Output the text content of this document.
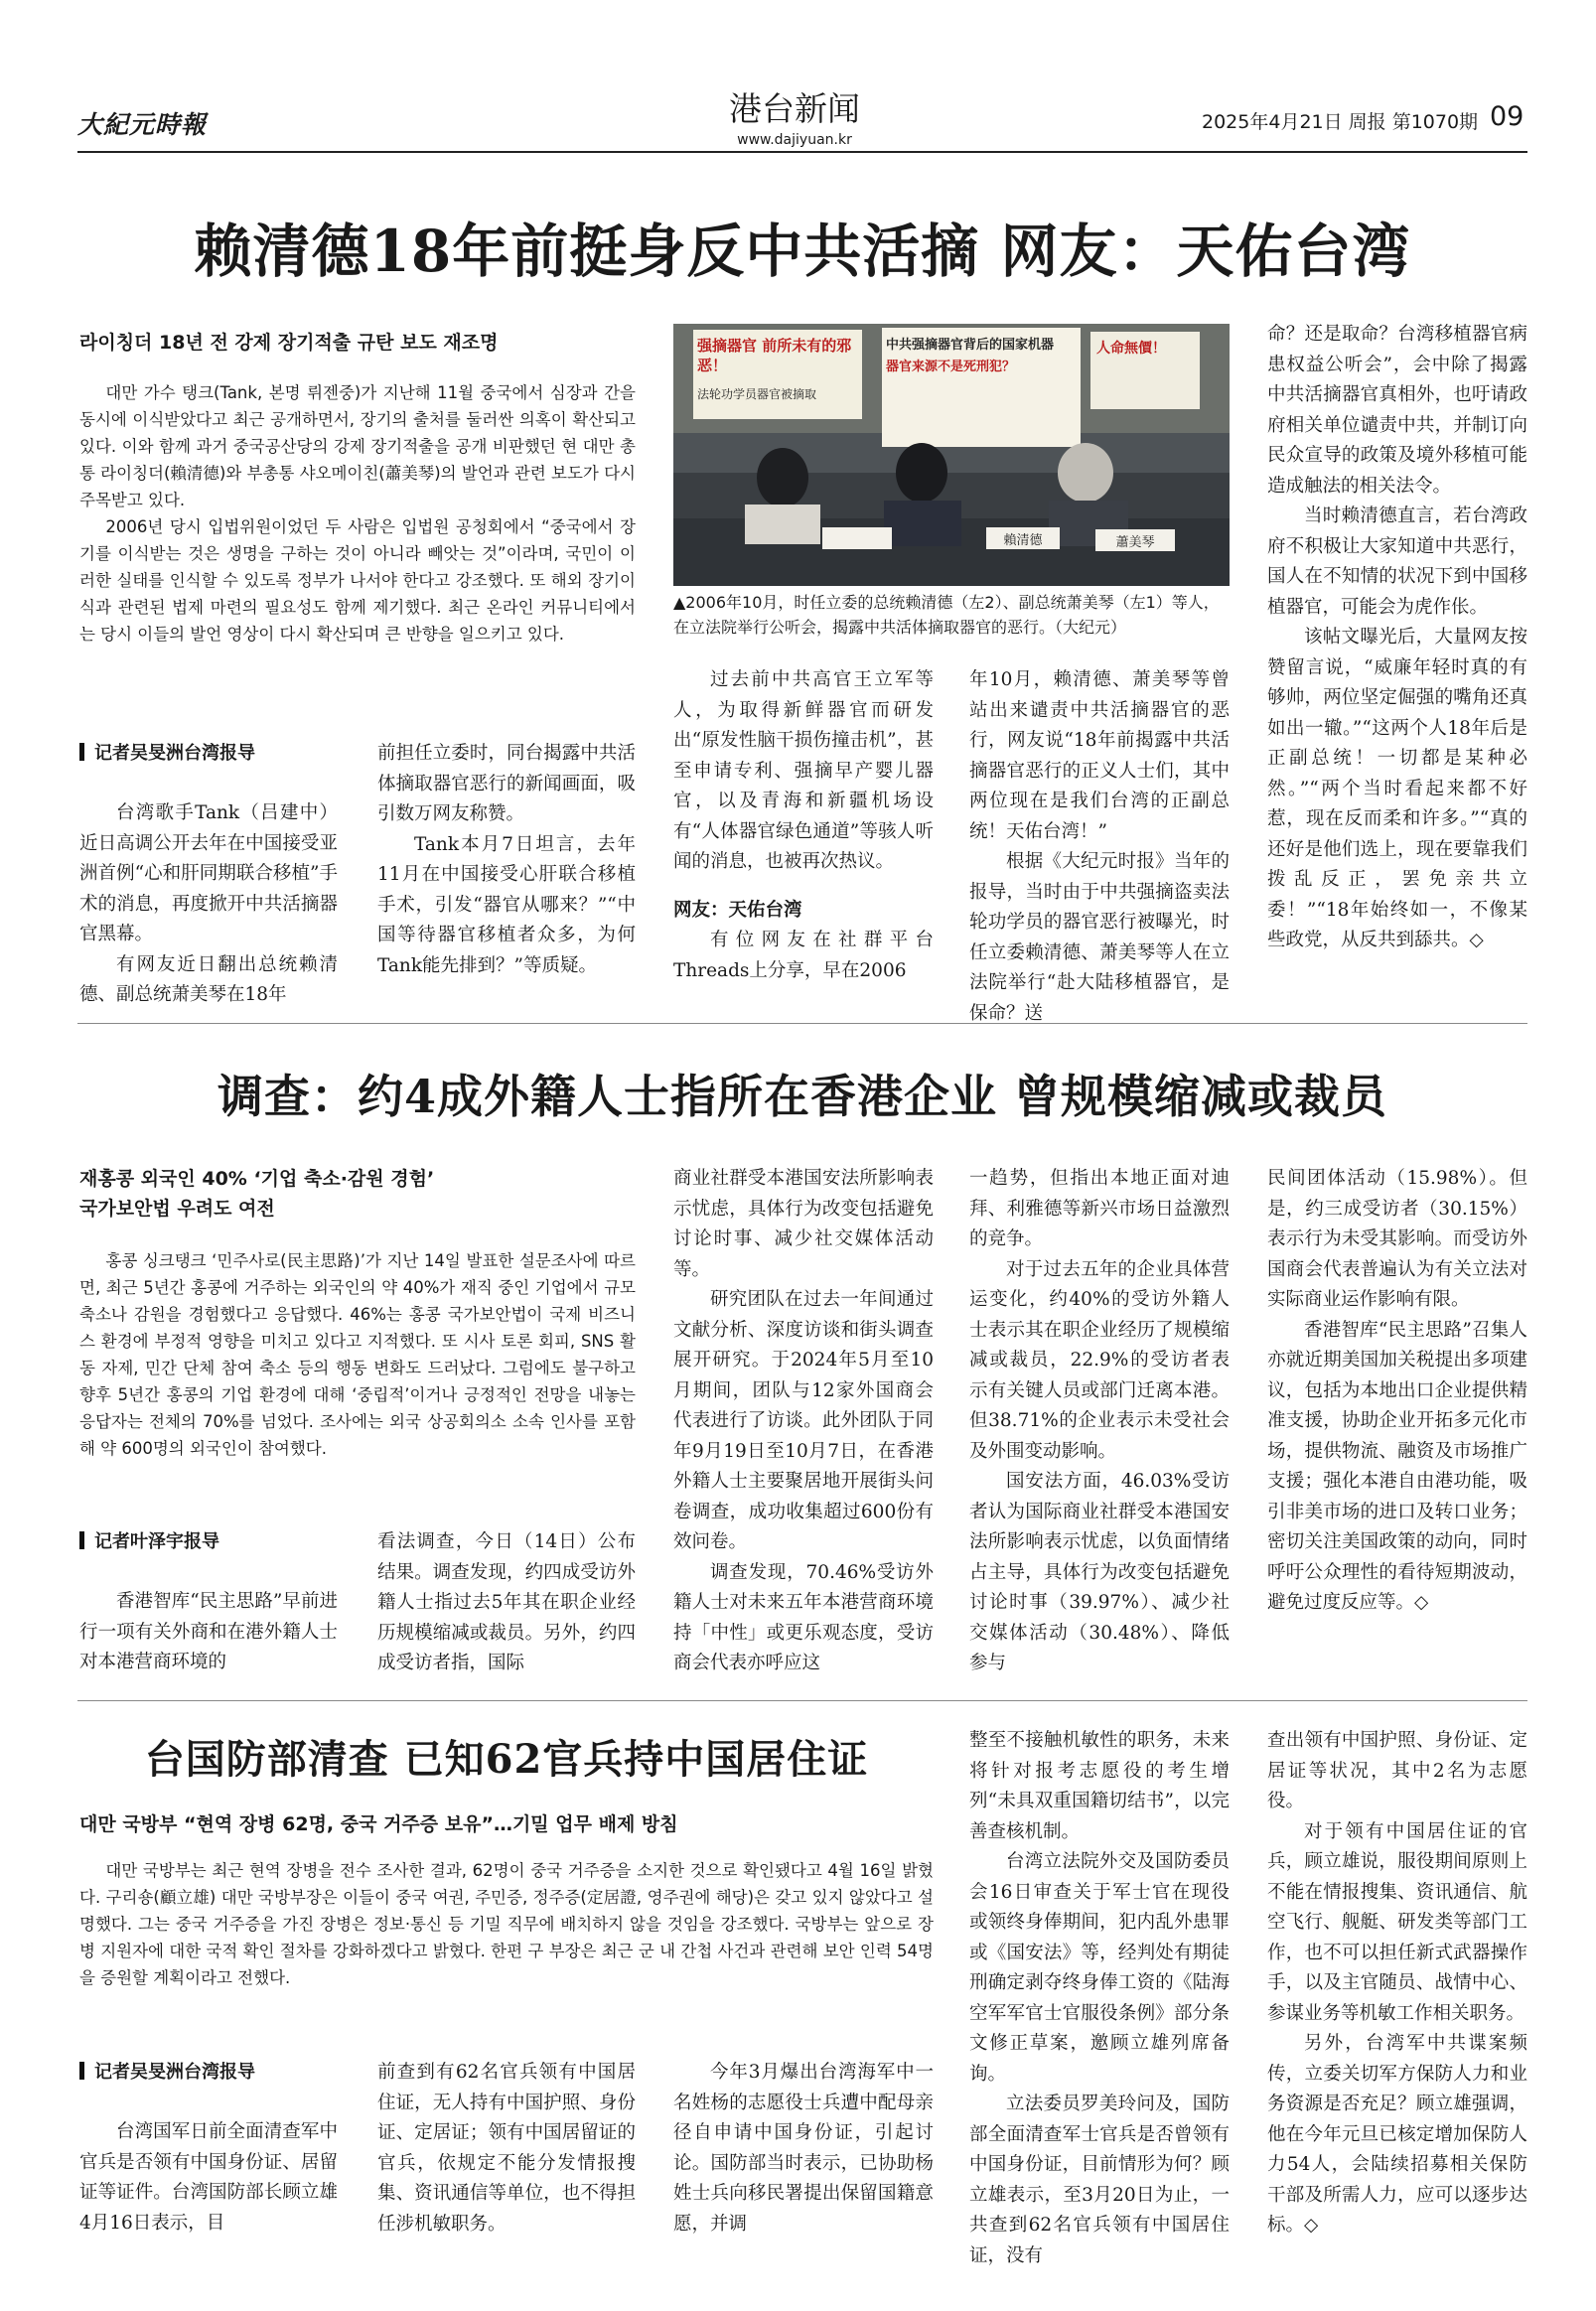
大紀元時報	港台新闻
www.dajiyuan.kr
2025年4月21日 周报 第1070期 09
赖清德18年前挺身反中共活摘 网友：天佑台湾
라이칭더 18년 전 강제 장기적출 규탄 보도 재조명

대만 가수 탱크(Tank, 본명 뤼젠중)가 지난해 11월 중국에서 심장과 간을 동시에 이식받았다고 최근 공개하면서, 장기의 출처를 둘러싼 의혹이 확산되고 있다. 이와 함께 과거 중국공산당의 강제 장기적출을 공개 비판했던 현 대만 총통 라이칭더(賴清德)와 부총통 샤오메이친(蕭美琴)의 발언과 관련 보도가 다시 주목받고 있다.

2006년 당시 입법위원이었던 두 사람은 입법원 공청회에서 “중국에서 장기를 이식받는 것은 생명을 구하는 것이 아니라 빼앗는 것”이라며, 국민이 이러한 실태를 인식할 수 있도록 정부가 나서야 한다고 강조했다. 또 해외 장기이식과 관련된 법제 마련의 필요성도 함께 제기했다. 최근 온라인 커뮤니티에서는 당시 이들의 발언 영상이 다시 확산되며 큰 반향을 일으키고 있다.

记者吴旻洲台湾报导

台湾歌手Tank（吕建中）近日高调公开去年在中国接受亚洲首例“心和肝同期联合移植”手术的消息，再度掀开中共活摘器官黑幕。

有网友近日翻出总统赖清德、副总统萧美琴在18年

前担任立委时，同台揭露中共活体摘取器官恶行的新闻画面，吸引数万网友称赞。

Tank本月7日坦言，去年11月在中国接受心肝联合移植手术，引发“器官从哪来？”“中国等待器官移植者众多，为何Tank能先排到？”等质疑。

强摘器官 前所未有的邪恶！
法轮功学员器官被摘取
中共强摘器官背后的国家机器
器官来源不是死刑犯？
人命無價！
賴清德	蕭美琴
▲2006年10月，时任立委的总统赖清德（左2）、副总统萧美琴（左1）等人，在立法院举行公听会，揭露中共活体摘取器官的恶行。（大纪元）

过去前中共高官王立军等人，为取得新鲜器官而研发出“原发性脑干损伤撞击机”，甚至申请专利、强摘早产婴儿器官，以及青海和新疆机场设有“人体器官绿色通道”等骇人听闻的消息，也被再次热议。

网友：天佑台湾

有位网友在社群平台Threads上分享，早在2006

年10月，赖清德、萧美琴等曾站出来谴责中共活摘器官的恶行，网友说“18年前揭露中共活摘器官恶行的正义人士们，其中两位现在是我们台湾的正副总统！天佑台湾！”

根据《大纪元时报》当年的报导，当时由于中共强摘盗卖法轮功学员的器官恶行被曝光，时任立委赖清德、萧美琴等人在立法院举行“赴大陆移植器官，是保命？送

命？还是取命？台湾移植器官病患权益公听会”，会中除了揭露中共活摘器官真相外，也吁请政府相关单位谴责中共，并制订向民众宣导的政策及境外移植可能造成触法的相关法令。

当时赖清德直言，若台湾政府不积极让大家知道中共恶行，国人在不知情的状况下到中国移植器官，可能会为虎作伥。

该帖文曝光后，大量网友按赞留言说，“威廉年轻时真的有够帅，两位坚定倔强的嘴角还真如出一辙。”“这两个人18年后是正副总统！一切都是某种必然。”“两个当时看起来都不好惹，现在反而柔和许多。”“真的还好是他们选上，现在要靠我们拨乱反正，罢免亲共立委！”“18年始终如一，不像某些政党，从反共到舔共。◇

调查：约4成外籍人士指所在香港企业 曾规模缩减或裁员
재홍콩 외국인 40% ‘기업 축소·감원 경험’
국가보안법 우려도 여전

홍콩 싱크탱크 ‘민주사로(民主思路)’가 지난 14일 발표한 설문조사에 따르면, 최근 5년간 홍콩에 거주하는 외국인의 약 40%가 재직 중인 기업에서 규모 축소나 감원을 경험했다고 응답했다. 46%는 홍콩 국가보안법이 국제 비즈니스 환경에 부정적 영향을 미치고 있다고 지적했다. 또 시사 토론 회피, SNS 활동 자제, 민간 단체 참여 축소 등의 행동 변화도 드러났다. 그럼에도 불구하고 향후 5년간 홍콩의 기업 환경에 대해 ‘중립적’이거나 긍정적인 전망을 내놓는 응답자는 전체의 70%를 넘었다. 조사에는 외국 상공회의소 소속 인사를 포함해 약 600명의 외국인이 참여했다.

记者叶泽宇报导

香港智库“民主思路”早前进行一项有关外商和在港外籍人士对本港营商环境的

看法调查，今日（14日）公布结果。调查发现，约四成受访外籍人士指过去5年其在职企业经历规模缩减或裁员。另外，约四成受访者指，国际

商业社群受本港国安法所影响表示忧虑，具体行为改变包括避免讨论时事、减少社交媒体活动等。

研究团队在过去一年间通过文献分析、深度访谈和街头调查展开研究。于2024年5月至10月期间，团队与12家外国商会代表进行了访谈。此外团队于同年9月19日至10月7日，在香港外籍人士主要聚居地开展街头问卷调查，成功收集超过600份有效问卷。

调查发现，70.46%受访外籍人士对未来五年本港营商环境持「中性」或更乐观态度，受访商会代表亦呼应这

一趋势，但指出本地正面对迪拜、利雅德等新兴市场日益激烈的竞争。

对于过去五年的企业具体营运变化，约40%的受访外籍人士表示其在职企业经历了规模缩减或裁员，22.9%的受访者表示有关键人员或部门迁离本港。但38.71%的企业表示未受社会及外围变动影响。

国安法方面，46.03%受访者认为国际商业社群受本港国安法所影响表示忧虑，以负面情绪占主导，具体行为改变包括避免讨论时事（39.97%）、减少社交媒体活动（30.48%）、降低参与

民间团体活动（15.98%）。但是，约三成受访者（30.15%）表示行为未受其影响。而受访外国商会代表普遍认为有关立法对实际商业运作影响有限。

香港智库“民主思路”召集人亦就近期美国加关税提出多项建议，包括为本地出口企业提供精准支援，协助企业开拓多元化市场，提供物流、融资及市场推广支援；强化本港自由港功能，吸引非美市场的进口及转口业务；密切关注美国政策的动向，同时呼吁公众理性的看待短期波动，避免过度反应等。◇

台国防部清查 已知62官兵持中国居住证
대만 국방부 “현역 장병 62명, 중국 거주증 보유”…기밀 업무 배제 방침

대만 국방부는 최근 현역 장병을 전수 조사한 결과, 62명이 중국 거주증을 소지한 것으로 확인됐다고 4월 16일 밝혔다. 구리숑(顧立雄) 대만 국방부장은 이들이 중국 여권, 주민증, 정주증(定居證, 영주권에 해당)은 갖고 있지 않았다고 설명했다. 그는 중국 거주증을 가진 장병은 정보·통신 등 기밀 직무에 배치하지 않을 것임을 강조했다. 국방부는 앞으로 장병 지원자에 대한 국적 확인 절차를 강화하겠다고 밝혔다. 한편 구 부장은 최근 군 내 간첩 사건과 관련해 보안 인력 54명을 증원할 계획이라고 전했다.

记者吴旻洲台湾报导

台湾国军日前全面清查军中官兵是否领有中国身份证、居留证等证件。台湾国防部长顾立雄4月16日表示，目

前查到有62名官兵领有中国居住证，无人持有中国护照、身份证、定居证；领有中国居留证的官兵，依规定不能分发情报搜集、资讯通信等单位，也不得担任涉机敏职务。

今年3月爆出台湾海军中一名姓杨的志愿役士兵遭中配母亲径自申请中国身份证，引起讨论。国防部当时表示，已协助杨姓士兵向移民署提出保留国籍意愿，并调

整至不接触机敏性的职务，未来将针对报考志愿役的考生增列“未具双重国籍切结书”，以完善查核机制。

台湾立法院外交及国防委员会16日审查关于军士官在现役或领终身俸期间，犯内乱外患罪或《国安法》等，经判处有期徒刑确定剥夺终身俸工资的《陆海空军军官士官服役条例》部分条文修正草案，邀顾立雄列席备询。

立法委员罗美玲问及，国防部全面清查军士官兵是否曾领有中国身份证，目前情形为何？顾立雄表示，至3月20日为止，一共查到62名官兵领有中国居住证，没有

查出领有中国护照、身份证、定居证等状况，其中2名为志愿役。

对于领有中国居住证的官兵，顾立雄说，服役期间原则上不能在情报搜集、资讯通信、航空飞行、舰艇、研发类等部门工作，也不可以担任新式武器操作手，以及主官随员、战情中心、参谋业务等机敏工作相关职务。

另外，台湾军中共谍案频传，立委关切军方保防人力和业务资源是否充足？顾立雄强调，他在今年元旦已核定增加保防人力54人，会陆续招募相关保防干部及所需人力，应可以逐步达标。◇
